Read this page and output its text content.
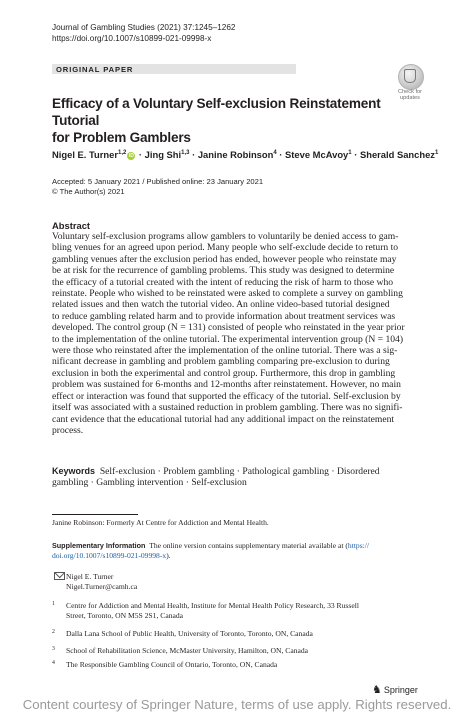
Journal of Gambling Studies (2021) 37:1245–1262
https://doi.org/10.1007/s10899-021-09998-x
ORIGINAL PAPER
Check for
updates
Efficacy of a Voluntary Self-exclusion Reinstatement Tutorial
for Problem Gamblers
Nigel E. Turner$^{1,2}$ iD · Jing Shi$^{1,3}$ · Janine Robinson$^4$ · Steve McAvoy$^1$ · Sherald Sanchez$^1$
Accepted: 5 January 2021 / Published online: 23 January 2021
© The Author(s) 2021
Abstract
Voluntary self-exclusion programs allow gamblers to voluntarily be denied access to gam-
bling venues for an agreed upon period. Many people who self-exclude decide to return to
gambling venues after the exclusion period has ended, however people who reinstate may
be at risk for the recurrence of gambling problems. This study was designed to determine
the efficacy of a tutorial created with the intent of reducing the risk of harm to those who
reinstate. People who wished to be reinstated were asked to complete a survey on gambling
related issues and then watch the tutorial video. An online video-based tutorial designed
to reduce gambling related harm and to provide information about treatment services was
developed. The control group (N = 131) consisted of people who reinstated in the year prior
to the implementation of the online tutorial. The experimental intervention group (N = 104)
were those who reinstated after the implementation of the online tutorial. There was a sig-
nificant decrease in gambling and problem gambling comparing pre-exclusion to during
exclusion in both the experimental and control group. Furthermore, this drop in gambling
problem was sustained for 6-months and 12-months after reinstatement. However, no main
effect or interaction was found that supported the efficacy of the tutorial. Self-exclusion by
itself was associated with a sustained reduction in problem gambling. There was no signifi-
cant evidence that the educational tutorial had any additional impact on the reinstatement
process.
Keywords Self-exclusion · Problem gambling · Pathological gambling · Disordered
gambling · Gambling intervention · Self-exclusion
Janine Robinson: Formerly At Centre for Addiction and Mental Health.
Supplementary Information The online version contains supplementary material available at (https://
doi.org/10.1007/s10899-021-09998-x).
Nigel E. Turner
Nigel.Turner@camh.ca
1 Centre for Addiction and Mental Health, Institute for Mental Health Policy Research, 33 Russell
Street, Toronto, ON M5S 2S1, Canada
2 Dalla Lana School of Public Health, University of Toronto, Toronto, ON, Canada
3 School of Rehabilitation Science, McMaster University, Hamilton, ON, Canada
4 The Responsible Gambling Council of Ontario, Toronto, ON, Canada
♞ Springer
Content courtesy of Springer Nature, terms of use apply. Rights reserved.
